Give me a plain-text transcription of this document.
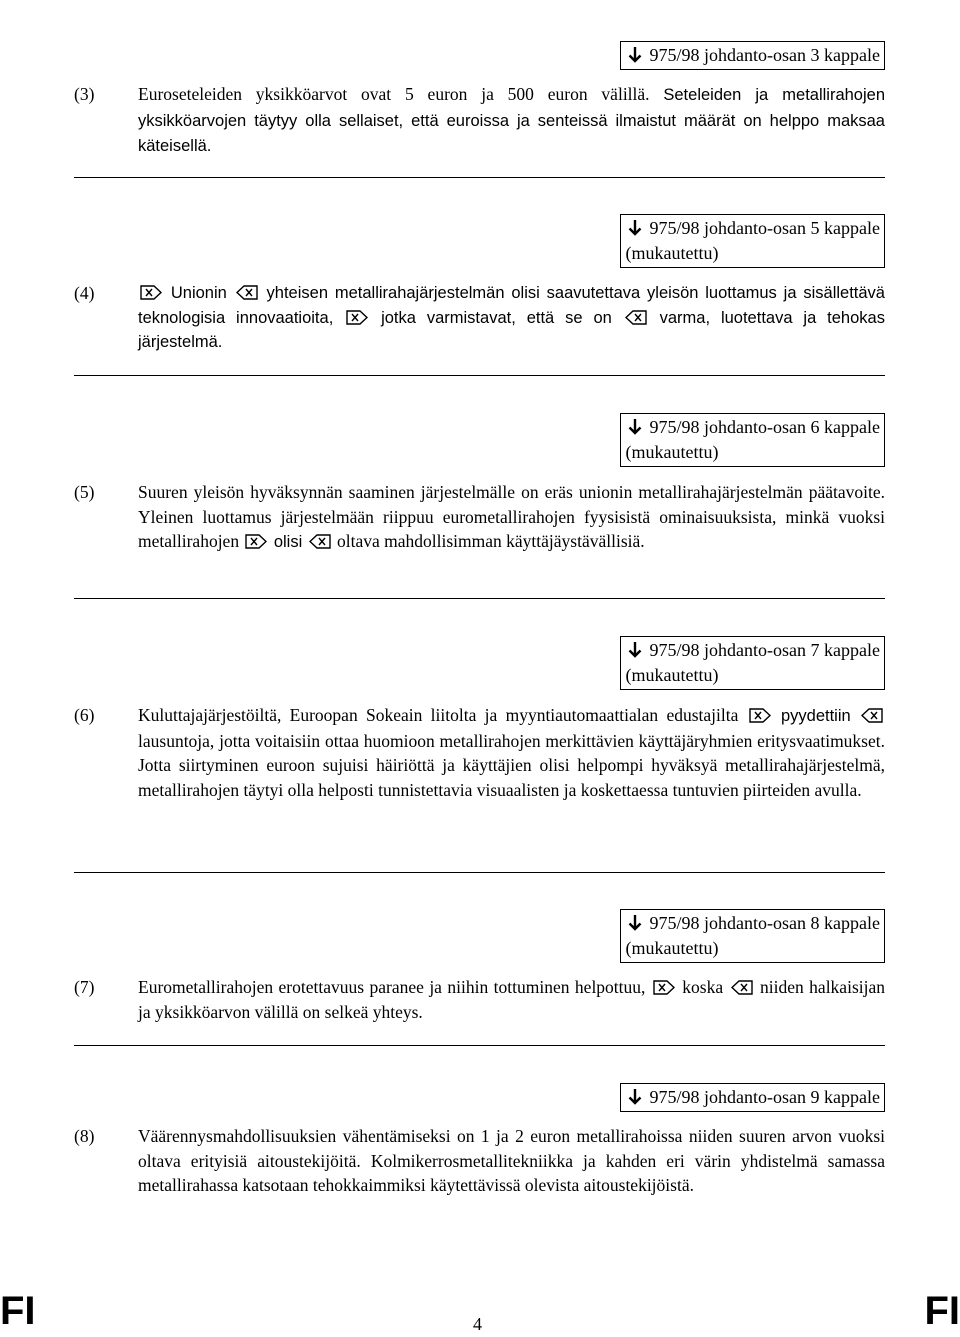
975/98 johdanto-osan 3 kappale
(3) Euroseteleiden yksikköarvot ovat 5 euron ja 500 euron välillä. Seteleiden ja metallirahojen yksikköarvojen täytyy olla sellaiset, että euroissa ja senteissä ilmaistut määrät on helppo maksaa käteisellä.
975/98 johdanto-osan 5 kappale
(mukautettu)
(4)	Unionin yhteisen metallirahajärjestelmän olisi saavutettava yleisön luottamus ja sisällettävä teknologisia innovaatioita,	jotka varmistavat, että se on	varma, luotettava ja tehokas järjestelmä.
975/98 johdanto-osan 6 kappale
(mukautettu)
(5) Suuren yleisön hyväksynnän saaminen järjestelmälle on eräs unionin metallirahajärjestelmän päätavoite. Yleinen luottamus järjestelmään riippuu eurometallirahojen fyysisistä ominaisuuksista, minkä vuoksi metallirahojen olisi oltava mahdollisimman käyttäjäystävällisiä.
975/98 johdanto-osan 7 kappale
(mukautettu)
(6) Kuluttajajärjestöiltä, Euroopan Sokeain liitolta ja myyntiautomaattialan edustajilta	pyydettiin  lausuntoja, jotta voitaisiin ottaa huomioon metallirahojen merkittävien käyttäjäryhmien eritysvaatimukset. Jotta siirtyminen euroon sujuisi häiriöttä ja käyttäjien olisi helpompi hyväksyä metallirahajärjestelmä, metallirahojen täytyi olla helposti tunnistettavia visuaalisten ja koskettaessa tuntuvien piirteiden avulla.
975/98 johdanto-osan 8 kappale
(mukautettu)
(7) Eurometallirahojen erotettavuus paranee ja niihin tottuminen helpottuu, koska niiden halkaisijan ja yksikköarvon välillä on selkeä yhteys.
975/98 johdanto-osan 9 kappale
(8) Väärennysmahdollisuuksien vähentämiseksi on 1 ja 2 euron metallirahoissa niiden suuren arvon vuoksi oltava erityisiä aitoustekijöitä. Kolmikerrosmetallitekniikka ja kahden eri värin yhdistelmä samassa metallirahassa katsotaan tehokkaimmiksi käytettävissä olevista aitoustekijöistä.
FI	4	FI
